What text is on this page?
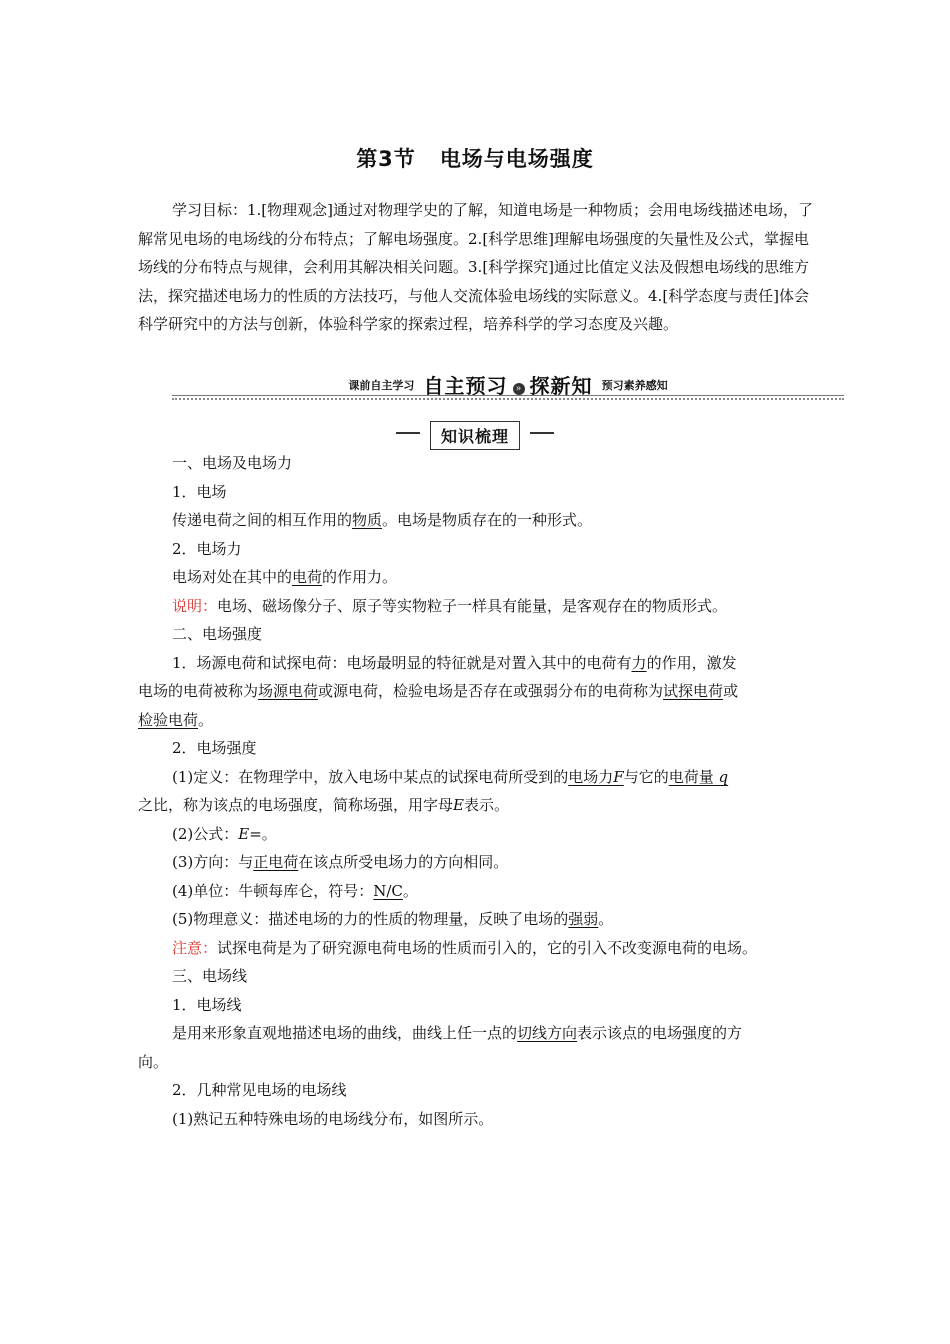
第3节 电场与电场强度
学习目标：1.[物理观念]通过对物理学史的了解，知道电场是一种物质；会用电场线描述电场，了解常见电场的电场线的分布特点；了解电场强度。2.[科学思维]理解电场强度的矢量性及公式，掌握电场线的分布特点与规律，会利用其解决相关问题。3.[科学探究]通过比值定义法及假想电场线的思维方法，探究描述电场力的性质的方法技巧，与他人交流体验电场线的实际意义。4.[科学态度与责任]体会科学研究中的方法与创新，体验科学家的探索过程，培养科学的学习态度及兴趣。
$^{课前自主学习}$ 自主预习 » 探新知 $^{预习素养感知}$
知识梳理
一、电场及电场力
1．电场
传递电荷之间的相互作用的物质。电场是物质存在的一种形式。
2．电场力
电场对处在其中的电荷的作用力。
说明：电场、磁场像分子、原子等实物粒子一样具有能量，是客观存在的物质形式。
二、电场强度
1．场源电荷和试探电荷：电场最明显的特征就是对置入其中的电荷有力的作用，激发
电场的电荷被称为场源电荷或源电荷，检验电场是否存在或强弱分布的电荷称为试探电荷或
检验电荷。
2．电场强度
(1)定义：在物理学中，放入电场中某点的试探电荷所受到的电场力F与它的电荷量 q
之比，称为该点的电场强度，简称场强，用字母E表示。
(2)公式：E=。
(3)方向：与正电荷在该点所受电场力的方向相同。
(4)单位：牛顿每库仑，符号：N/C。
(5)物理意义：描述电场的力的性质的物理量，反映了电场的强弱。
注意：试探电荷是为了研究源电荷电场的性质而引入的，它的引入不改变源电荷的电场。
三、电场线
1．电场线
是用来形象直观地描述电场的曲线，曲线上任一点的切线方向表示该点的电场强度的方
向。
2．几种常见电场的电场线
(1)熟记五种特殊电场的电场线分布，如图所示。
